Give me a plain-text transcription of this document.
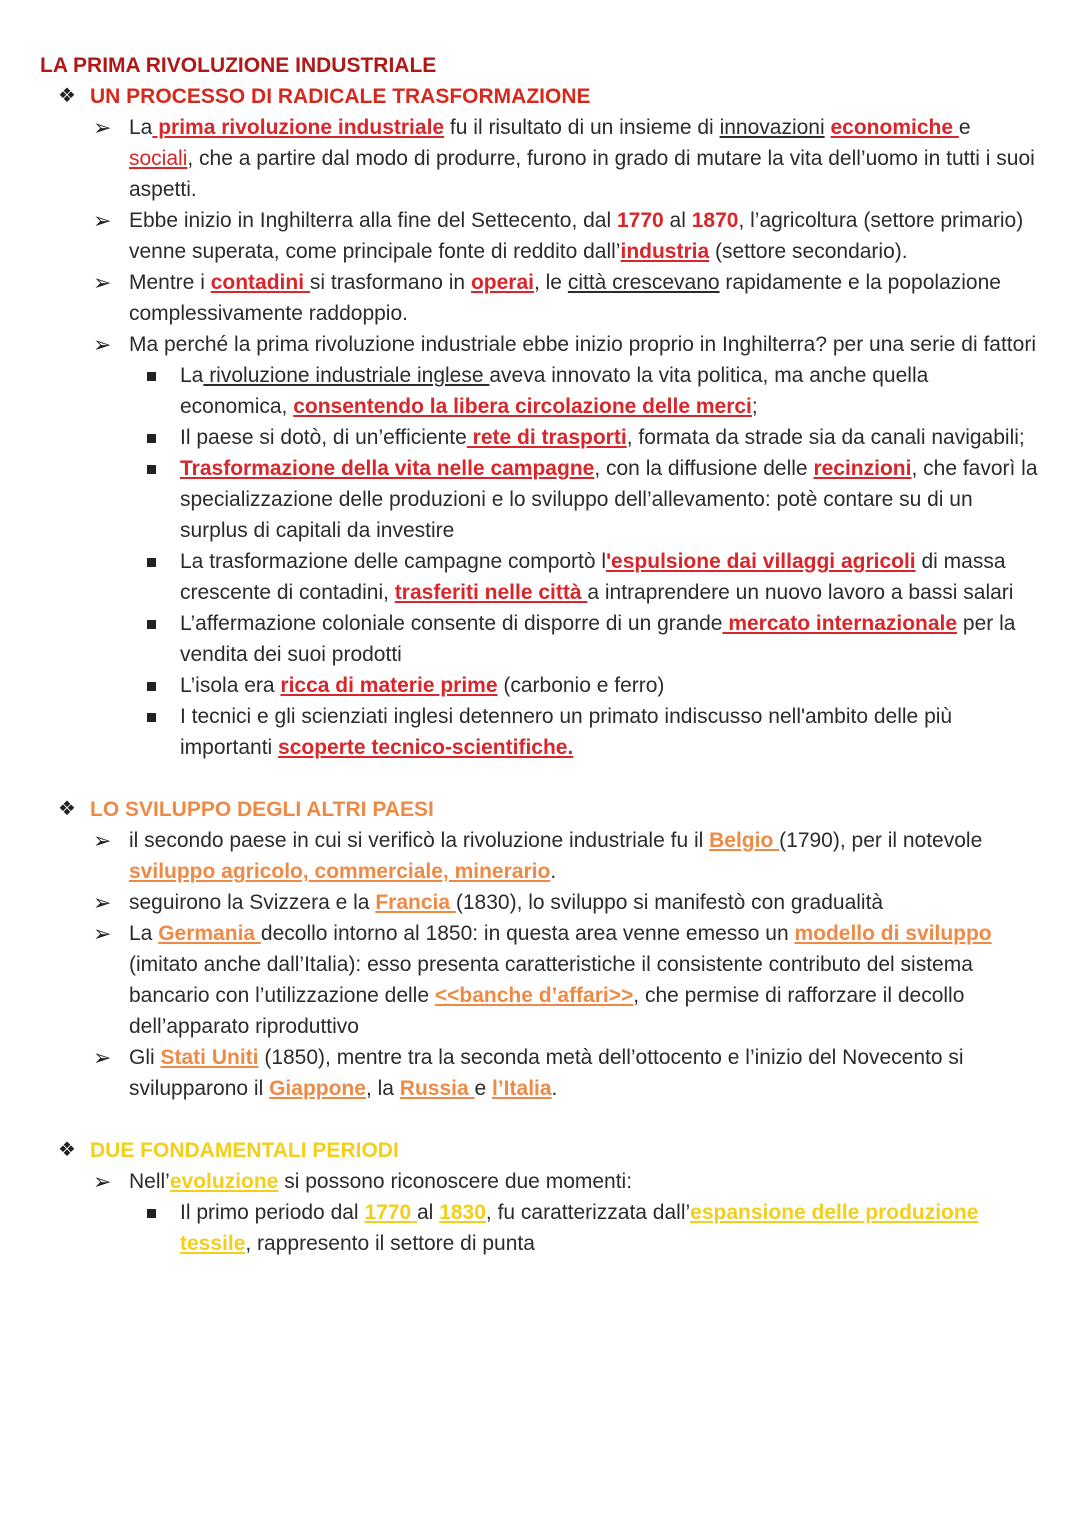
LA PRIMA RIVOLUZIONE INDUSTRIALE
❖ UN PROCESSO DI RADICALE TRASFORMAZIONE
➢ La prima rivoluzione industriale fu il risultato di un insieme di innovazioni economiche e sociali, che a partire dal modo di produrre, furono in grado di mutare la vita dell’uomo in tutti i suoi aspetti.
➢ Ebbe inizio in Inghilterra alla fine del Settecento, dal 1770 al 1870, l’agricoltura (settore primario) venne superata, come principale fonte di reddito dall’industria (settore secondario).
➢ Mentre i contadini si trasformano in operai, le città crescevano rapidamente e la popolazione complessivamente raddoppio.
➢ Ma perché la prima rivoluzione industriale ebbe inizio proprio in Inghilterra? per una serie di fattori
La rivoluzione industriale inglese aveva innovato la vita politica, ma anche quella economica, consentendo la libera circolazione delle merci;
Il paese si dotò, di un’efficiente rete di trasporti, formata da strade sia da canali navigabili;
Trasformazione della vita nelle campagne, con la diffusione delle recinzioni, che favorì la specializzazione delle produzioni e lo sviluppo dell’allevamento: potè contare su di un surplus di capitali da investire
La trasformazione delle campagne comportò l'espulsione dai villaggi agricoli di massa crescente di contadini, trasferiti nelle città a intraprendere un nuovo lavoro a bassi salari
L’affermazione coloniale consente di disporre di un grande mercato internazionale per la vendita dei suoi prodotti
L’isola era ricca di materie prime (carbonio e ferro)
I tecnici e gli scienziati inglesi detennero un primato indiscusso nell'ambito delle più importanti scoperte tecnico-scientifiche.
❖ LO SVILUPPO DEGLI ALTRI PAESI
➢ il secondo paese in cui si verificò la rivoluzione industriale fu il Belgio (1790), per il notevole sviluppo agricolo, commerciale, minerario.
➢ seguirono la Svizzera e la Francia (1830), lo sviluppo si manifestò con gradualità
➢ La Germania decollo intorno al 1850: in questa area venne emesso un modello di sviluppo (imitato anche dall’Italia): esso presenta caratteristiche il consistente contributo del sistema bancario con l’utilizzazione delle <<banche d’affari>>, che permise di rafforzare il decollo dell’apparato riproduttivo
➢ Gli Stati Uniti (1850), mentre tra la seconda metà dell’ottocento e l’inizio del Novecento si svilupparono il Giappone, la Russia e l’Italia.
❖ DUE FONDAMENTALI PERIODI
➢ Nell’evoluzione si possono riconoscere due momenti:
Il primo periodo dal 1770 al 1830, fu caratterizzata dall’espansione delle produzione tessile, rappresento il settore di punta
